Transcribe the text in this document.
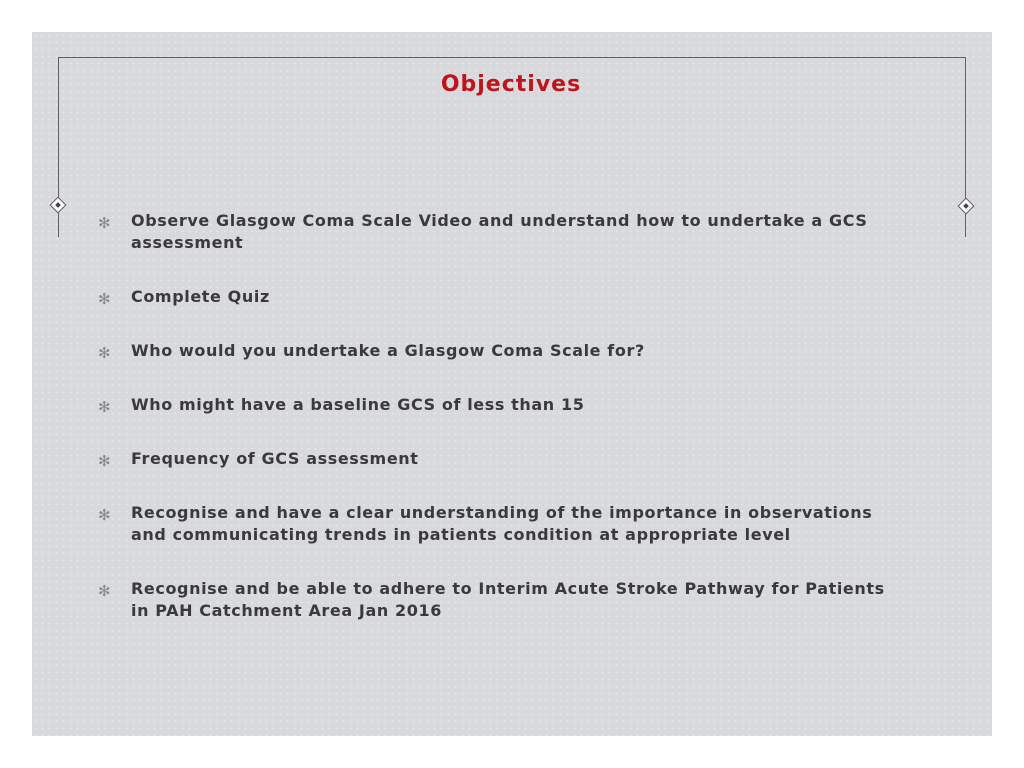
Objectives
✻ Observe Glasgow Coma Scale Video and understand how to undertake a GCS assessment
✻ Complete Quiz
✻ Who would you undertake a Glasgow Coma Scale for?
✻ Who might have a baseline GCS of less than 15
✻ Frequency of GCS assessment
✻ Recognise and have a clear understanding of the importance in observations and communicating trends in patients condition at appropriate level
✻ Recognise and be able to adhere to Interim Acute Stroke Pathway for Patients in PAH Catchment Area Jan 2016
